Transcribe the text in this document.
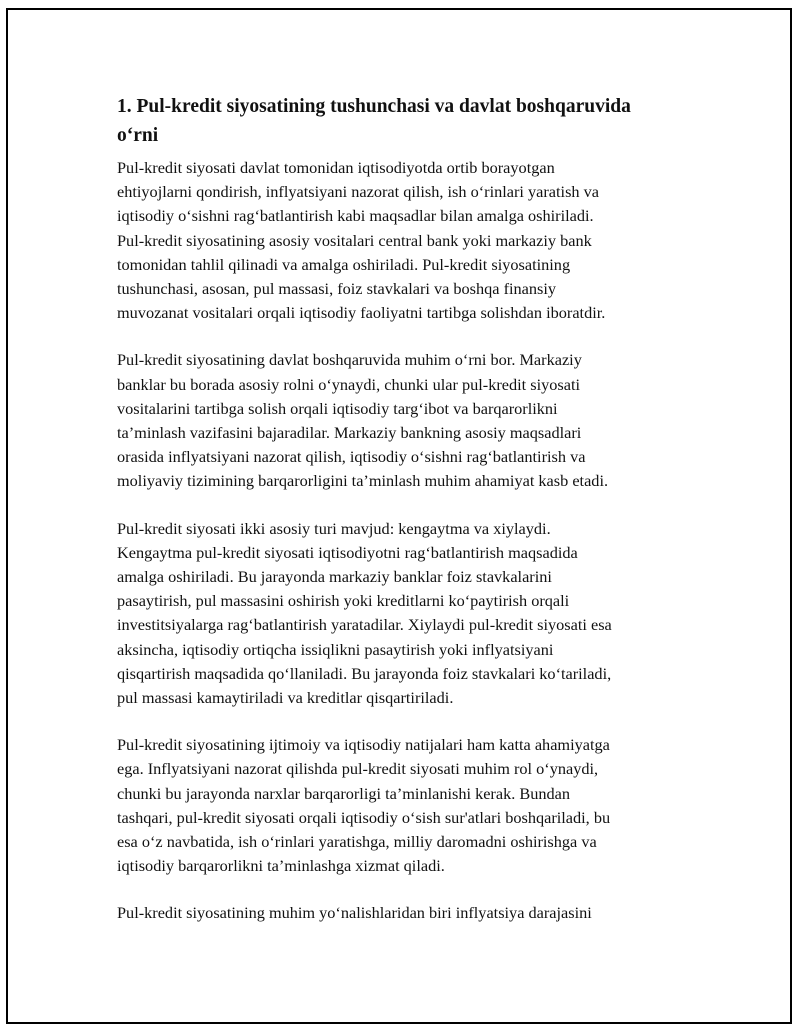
1. Pul-kredit siyosatining tushunchasi va davlat boshqaruvida
o‘rni

Pul-kredit siyosati davlat tomonidan iqtisodiyotda ortib borayotgan
ehtiyojlarni qondirish, inflyatsiyani nazorat qilish, ish o‘rinlari yaratish va
iqtisodiy o‘sishni rag‘batlantirish kabi maqsadlar bilan amalga oshiriladi.
Pul-kredit siyosatining asosiy vositalari central bank yoki markaziy bank
tomonidan tahlil qilinadi va amalga oshiriladi. Pul-kredit siyosatining
tushunchasi, asosan, pul massasi, foiz stavkalari va boshqa finansiy
muvozanat vositalari orqali iqtisodiy faoliyatni tartibga solishdan iboratdir.

Pul-kredit siyosatining davlat boshqaruvida muhim o‘rni bor. Markaziy
banklar bu borada asosiy rolni o‘ynaydi, chunki ular pul-kredit siyosati
vositalarini tartibga solish orqali iqtisodiy targ‘ibot va barqarorlikni
ta’minlash vazifasini bajaradilar. Markaziy bankning asosiy maqsadlari
orasida inflyatsiyani nazorat qilish, iqtisodiy o‘sishni rag‘batlantirish va
moliyaviy tizimining barqarorligini ta’minlash muhim ahamiyat kasb etadi.

Pul-kredit siyosati ikki asosiy turi mavjud: kengaytma va xiylaydi.
Kengaytma pul-kredit siyosati iqtisodiyotni rag‘batlantirish maqsadida
amalga oshiriladi. Bu jarayonda markaziy banklar foiz stavkalarini
pasaytirish, pul massasini oshirish yoki kreditlarni ko‘paytirish orqali
investitsiyalarga rag‘batlantirish yaratadilar. Xiylaydi pul-kredit siyosati esa
aksincha, iqtisodiy ortiqcha issiqlikni pasaytirish yoki inflyatsiyani
qisqartirish maqsadida qo‘llaniladi. Bu jarayonda foiz stavkalari ko‘tariladi,
pul massasi kamaytiriladi va kreditlar qisqartiriladi.

Pul-kredit siyosatining ijtimoiy va iqtisodiy natijalari ham katta ahamiyatga
ega. Inflyatsiyani nazorat qilishda pul-kredit siyosati muhim rol o‘ynaydi,
chunki bu jarayonda narxlar barqarorligi ta’minlanishi kerak. Bundan
tashqari, pul-kredit siyosati orqali iqtisodiy o‘sish sur'atlari boshqariladi, bu
esa o‘z navbatida, ish o‘rinlari yaratishga, milliy daromadni oshirishga va
iqtisodiy barqarorlikni ta’minlashga xizmat qiladi.

Pul-kredit siyosatining muhim yo‘nalishlaridan biri inflyatsiya darajasini
